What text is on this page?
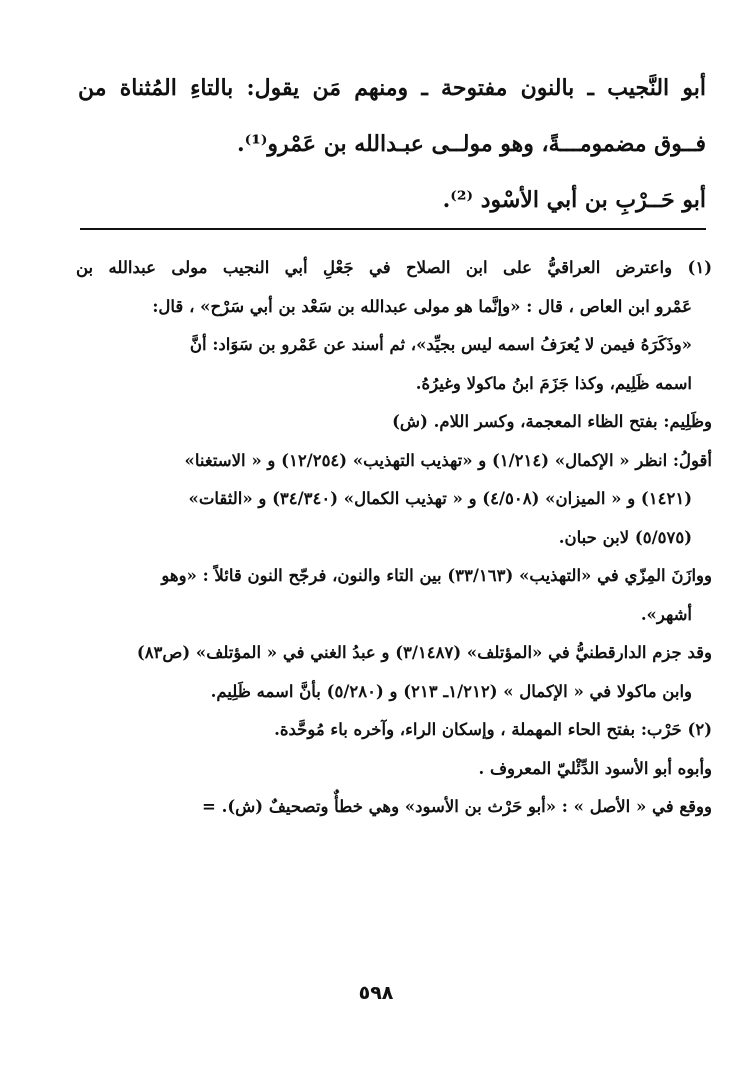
أبو النَّجيب ـ بالنون مفتوحة ـ ومنهم مَن يقول: بالتاءِ المُثناة من
فــوق مضمومـــةً، وهو مولــى عبـدالله بن عَمْرو⁽¹⁾.
أبو حَــرْبِ بن أبي الأسْود ⁽²⁾.
(١) واعترض العراقيُّ على ابن الصلاح في جَعْلِ أبي النجيب مولى عبدالله بن
عَمْرو ابن العاص ، قال : «وإنَّما هو مولى عبدالله بن سَعْد بن أبي سَرْح» ، قال:
«وذَكَرَهُ فيمن لا يُعرَفُ اسمه ليس بجيِّد»، ثم أسند عن عَمْرو بن سَوَاد: أنَّ
اسمه ظَلِيم، وكذا جَزَمَ ابنُ ماكولا وغيرُهُ.
وظَلِيم: بفتح الظاء المعجمة، وكسر اللام. (ش)
أقولُ: انظر « الإكمال» (١/٢١٤) و «تهذيب التهذيب» (١٢/٢٥٤) و « الاستغنا»
(١٤٢١) و « الميزان» (٤/٥٠٨) و « تهذيب الكمال» (٣٤/٣٤٠) و «الثقات»
(٥/٥٧٥) لابن حبان.
ووازَنَ المِزّي في «التهذيب» (٣٣/١٦٣) بين التاء والنون، فرجّح النون قائلاً : «وهو
أشهر».
وقد جزم الدارقطنيُّ في «المؤتلف» (٣/١٤٨٧) و عبدُ الغني في « المؤتلف» (ص٨٣)
وابن ماكولا في « الإكمال » (١/٢١٢ـ ٢١٣) و (٥/٢٨٠) بأنَّ اسمه ظَلِيم.
(٢) حَرْب: بفتح الحاء المهملة ، وإسكان الراء، وآخره باء مُوحَّدة.
وأبوه أبو الأسود الدِّئْليّ المعروف .
ووقع في « الأصل » : «أبو حَرْث بن الأسود» وهي خطأٌ وتصحيفٌ (ش). =
٥٩٨
